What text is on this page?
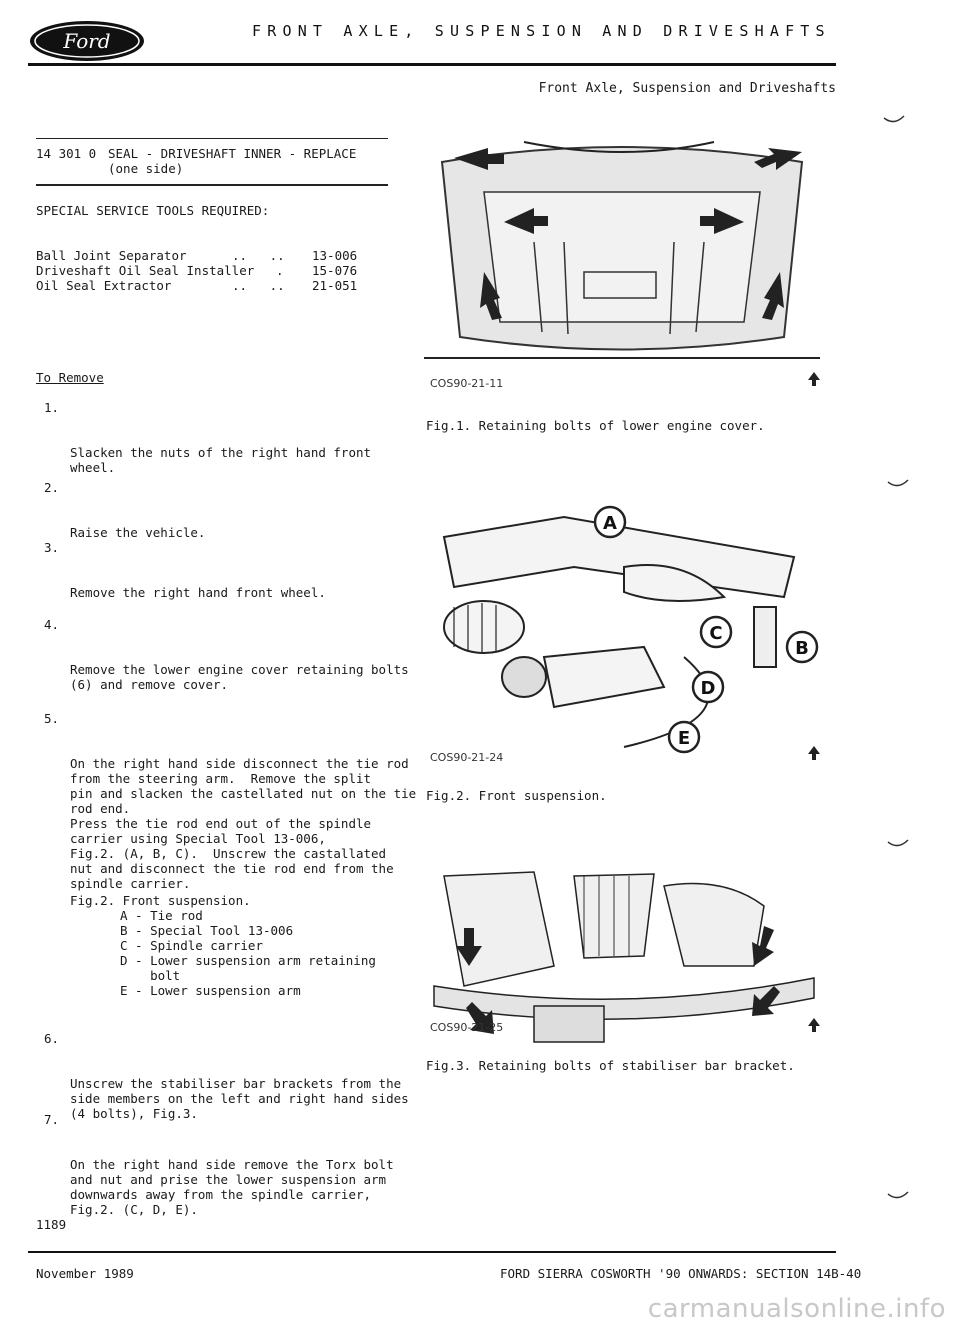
Ford	FRONT AXLE, SUSPENSION AND DRIVESHAFTS
Front Axle, Suspension and Driveshafts
14 301 0 SEAL - DRIVESHAFT INNER - REPLACE
(one side)
SPECIAL SERVICE TOOLS REQUIRED:
Ball Joint Separator	..   ..	13-006
Driveshaft Oil Seal Installer	.	15-076
Oil Seal Extractor	..   ..	21-051
To Remove

1.

Slacken the nuts of the right hand front
wheel.

2.

Raise the vehicle.

3.

Remove the right hand front wheel.

4.

Remove the lower engine cover retaining bolts
(6) and remove cover.

5.

On the right hand side disconnect the tie rod
from the steering arm.  Remove the split
pin and slacken the castellated nut on the tie
rod end.
Press the tie rod end out of the spindle
carrier using Special Tool 13-006,
Fig.2. (A, B, C).  Unscrew the castallated
nut and disconnect the tie rod end from the
spindle carrier.

Fig.2. Front suspension.
A - Tie rod
B - Special Tool 13-006
C - Spindle carrier
D - Lower suspension arm retaining
bolt
E - Lower suspension arm

6.

Unscrew the stabiliser bar brackets from the
side members on the left and right hand sides
(4 bolts), Fig.3.

7.

On the right hand side remove the Torx bolt
and nut and prise the lower suspension arm
downwards away from the spindle carrier,
Fig.2. (C, D, E).

1189
COS90-21-11
Fig.1. Retaining bolts of lower engine cover.
A
B
C
D
E
COS90-21-24
Fig.2. Front suspension.
COS90-21-25
Fig.3. Retaining bolts of stabiliser bar bracket.
November 1989	FORD SIERRA COSWORTH '90 ONWARDS: SECTION 14B-40
carmanualsonline.info
